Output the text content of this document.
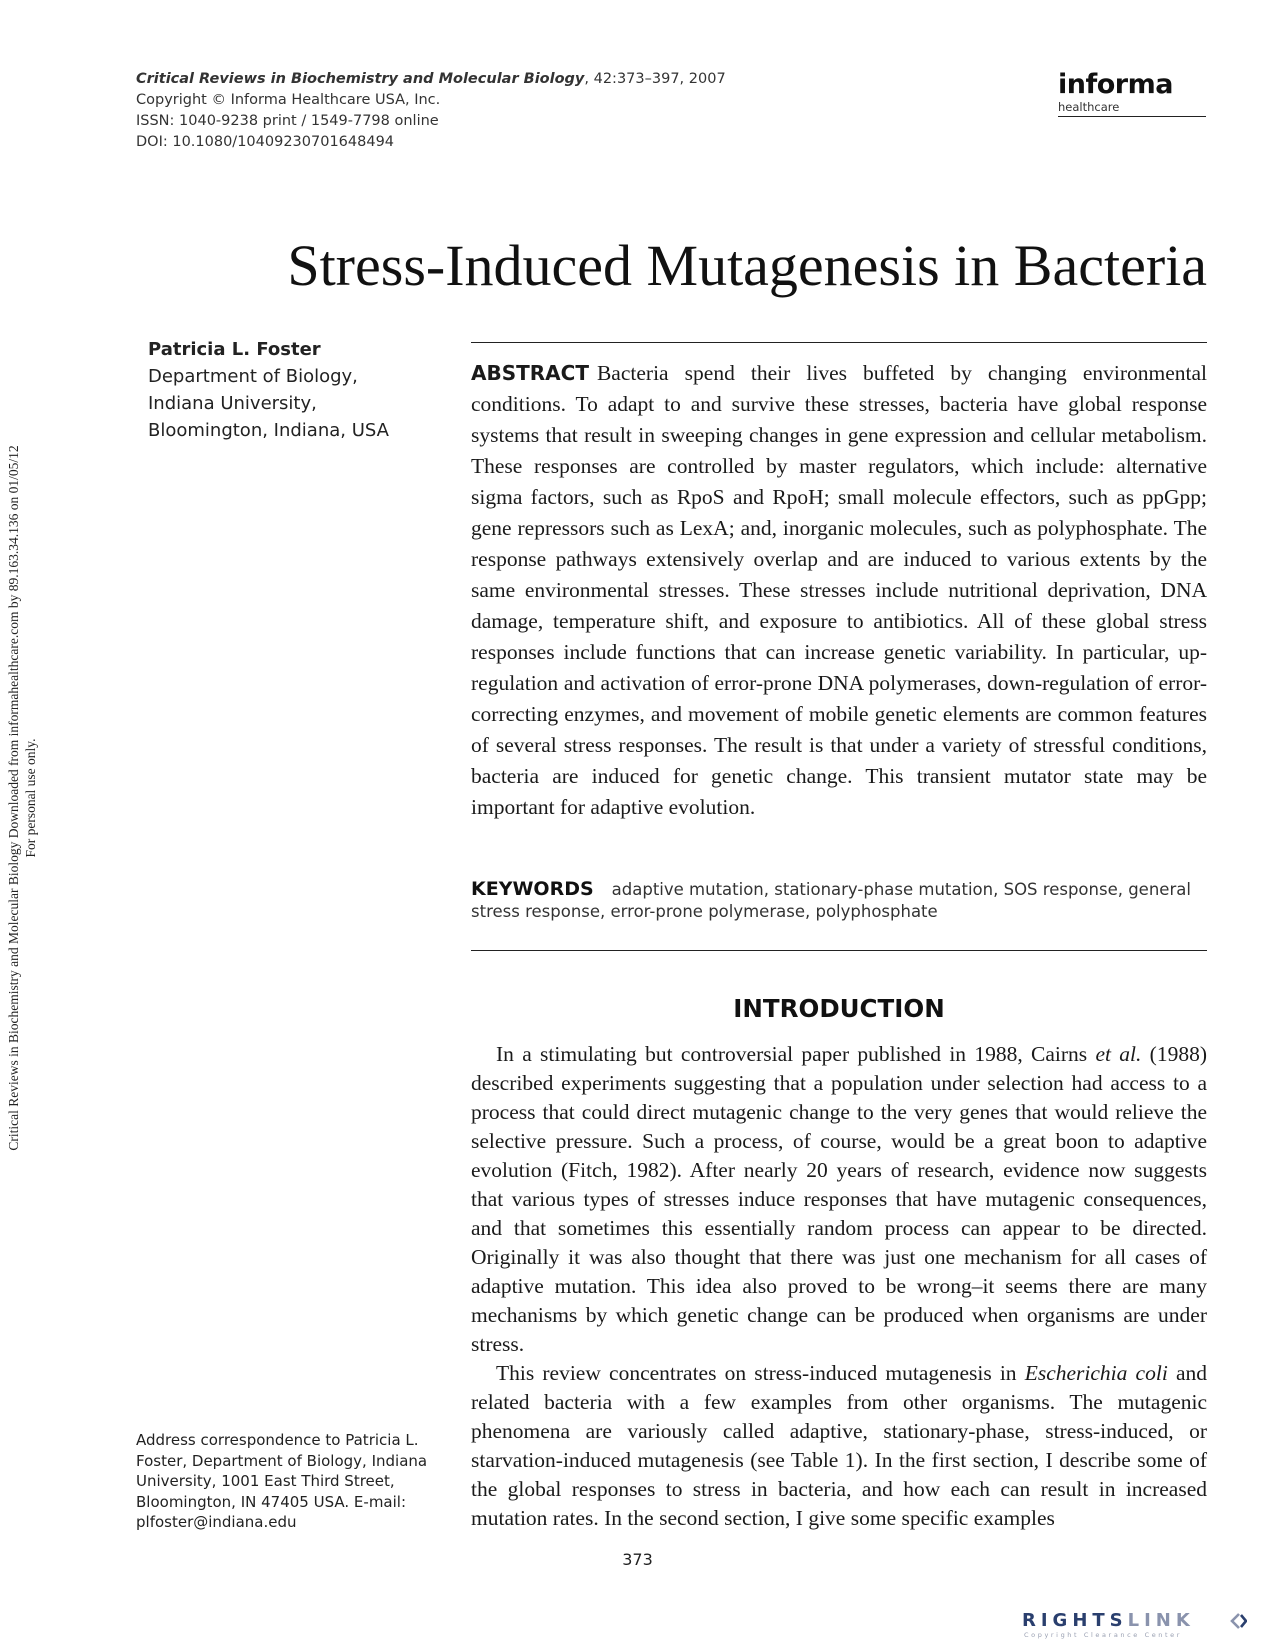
Critical Reviews in Biochemistry and Molecular Biology, 42:373–397, 2007
Copyright © Informa Healthcare USA, Inc.
ISSN: 1040-9238 print / 1549-7798 online
DOI: 10.1080/10409230701648494
informa
healthcare
Critical Reviews in Biochemistry and Molecular Biology Downloaded from informahealthcare.com by 89.163.34.136 on 01/05/12 For personal use only.
Stress-Induced Mutagenesis in Bacteria
Patricia L. Foster
Department of Biology,
Indiana University,
Bloomington, Indiana, USA

ABSTRACT Bacteria spend their lives buffeted by changing environmental conditions. To adapt to and survive these stresses, bacteria have global response systems that result in sweeping changes in gene expression and cellular metabolism. These responses are controlled by master regulators, which include: alternative sigma factors, such as RpoS and RpoH; small molecule effectors, such as ppGpp; gene repressors such as LexA; and, inorganic molecules, such as polyphosphate. The response pathways extensively overlap and are induced to various extents by the same environmental stresses. These stresses include nutritional deprivation, DNA damage, temperature shift, and exposure to antibiotics. All of these global stress responses include functions that can increase genetic variability. In particular, up-regulation and activation of error-prone DNA polymerases, down-regulation of error-correcting enzymes, and movement of mobile genetic elements are common features of several stress responses. The result is that under a variety of stressful conditions, bacteria are induced for genetic change. This transient mutator state may be important for adaptive evolution.

KEYWORDS adaptive mutation, stationary-phase mutation, SOS response, general stress response, error-prone polymerase, polyphosphate

INTRODUCTION

In a stimulating but controversial paper published in 1988, Cairns et al. (1988) described experiments suggesting that a population under selection had access to a process that could direct mutagenic change to the very genes that would relieve the selective pressure. Such a process, of course, would be a great boon to adaptive evolution (Fitch, 1982). After nearly 20 years of research, evidence now suggests that various types of stresses induce responses that have mutagenic consequences, and that sometimes this essentially random process can appear to be directed. Originally it was also thought that there was just one mechanism for all cases of adaptive mutation. This idea also proved to be wrong–it seems there are many mechanisms by which genetic change can be produced when organisms are under stress.

This review concentrates on stress-induced mutagenesis in Escherichia coli and related bacteria with a few examples from other organisms. The mutagenic phenomena are variously called adaptive, stationary-phase, stress-induced, or starvation-induced mutagenesis (see Table 1). In the first section, I describe some of the global responses to stress in bacteria, and how each can result in increased mutation rates. In the second section, I give some specific examples

Address correspondence to Patricia L. Foster, Department of Biology, Indiana University, 1001 East Third Street, Bloomington, IN 47405 USA. E-mail: plfoster@indiana.edu
373
RIGHTSLINK
Copyright Clearance Center
